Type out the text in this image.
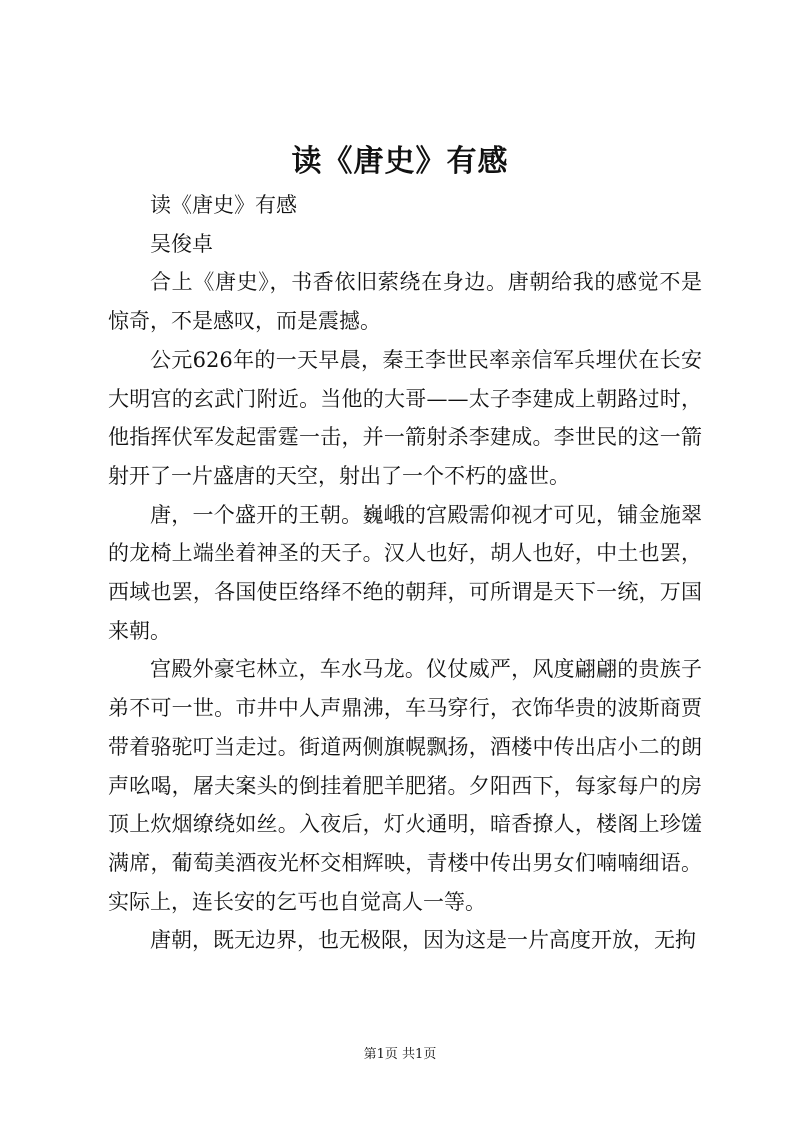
读《唐史》有感

读《唐史》有感

吴俊卓

合上《唐史》，书香依旧萦绕在身边。唐朝给我的感觉不是惊奇，不是感叹，而是震撼。

公元626年的一天早晨，秦王李世民率亲信军兵埋伏在长安大明宫的玄武门附近。当他的大哥——太子李建成上朝路过时，他指挥伏军发起雷霆一击，并一箭射杀李建成。李世民的这一箭射开了一片盛唐的天空，射出了一个不朽的盛世。

唐，一个盛开的王朝。巍峨的宫殿需仰视才可见，铺金施翠的龙椅上端坐着神圣的天子。汉人也好，胡人也好，中土也罢，西域也罢，各国使臣络绎不绝的朝拜，可所谓是天下一统，万国来朝。

宫殿外豪宅林立，车水马龙。仪仗威严，风度翩翩的贵族子弟不可一世。市井中人声鼎沸，车马穿行，衣饰华贵的波斯商贾带着骆驼叮当走过。街道两侧旗幌飘扬，酒楼中传出店小二的朗声吆喝，屠夫案头的倒挂着肥羊肥猪。夕阳西下，每家每户的房顶上炊烟缭绕如丝。入夜后，灯火通明，暗香撩人，楼阁上珍馐满席，葡萄美酒夜光杯交相辉映，青楼中传出男女们喃喃细语。实际上，连长安的乞丐也自觉高人一等。

唐朝，既无边界，也无极限，因为这是一片高度开放，无拘

第1页 共1页
